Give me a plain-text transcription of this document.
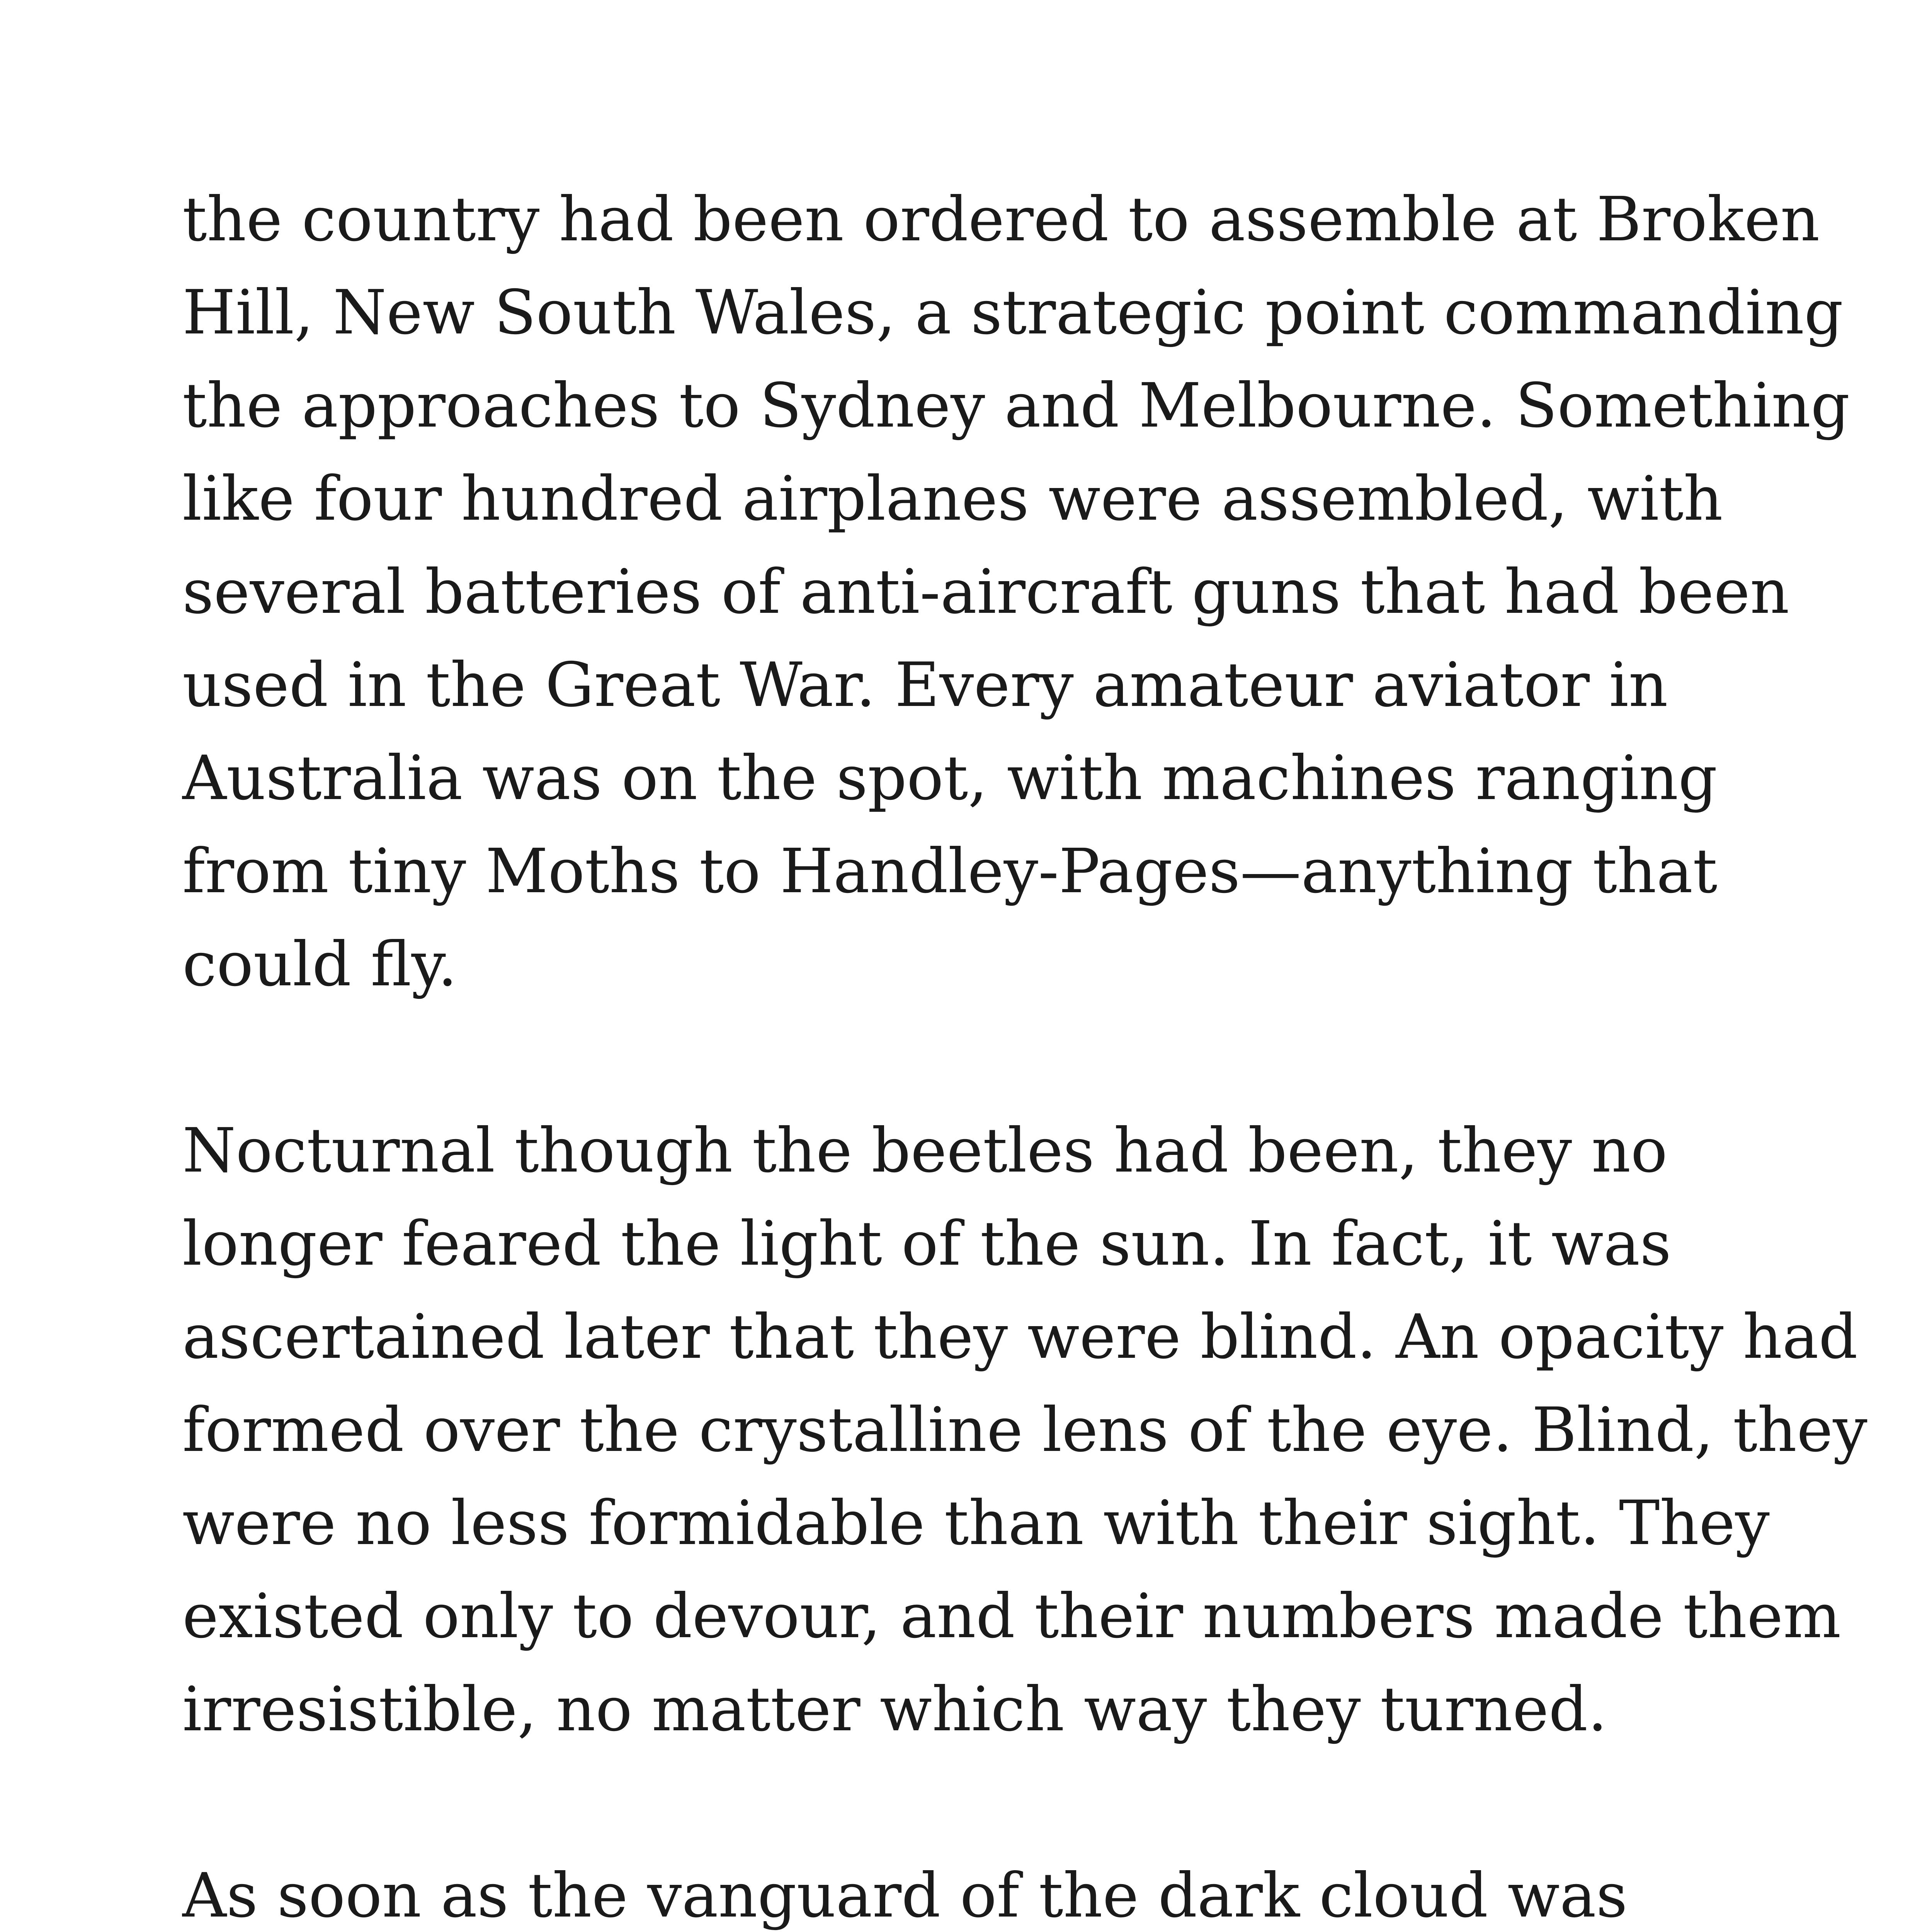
the country had been ordered to assemble at Broken
Hill, New South Wales, a strategic point commanding
the approaches to Sydney and Melbourne. Something
like four hundred airplanes were assembled, with
several batteries of anti-aircraft guns that had been
used in the Great War. Every amateur aviator in
Australia was on the spot, with machines ranging
from tiny Moths to Handley-Pages—anything that
could fly.

Nocturnal though the beetles had been, they no
longer feared the light of the sun. In fact, it was
ascertained later that they were blind. An opacity had
formed over the crystalline lens of the eye. Blind, they
were no less formidable than with their sight. They
existed only to devour, and their numbers made them
irresistible, no matter which way they turned.

As soon as the vanguard of the dark cloud was
